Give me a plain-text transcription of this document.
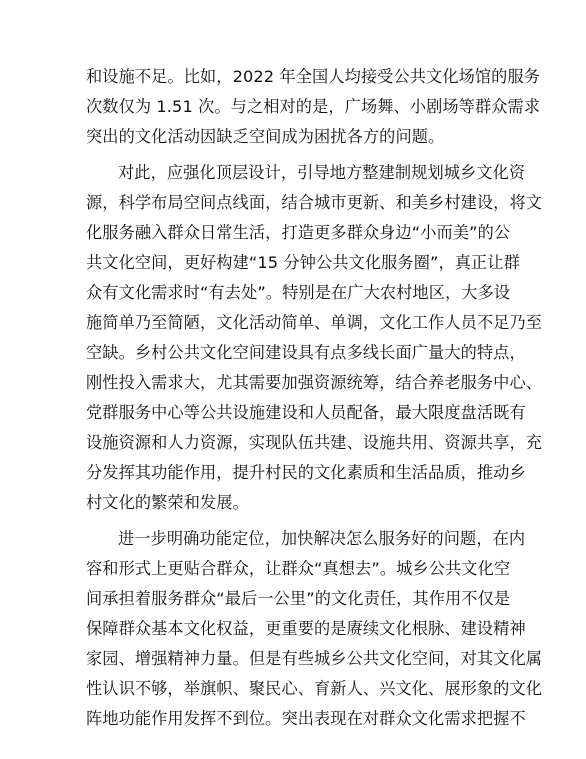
和设施不足。比如，2022 年全国人均接受公共文化场馆的服务
次数仅为 1.51 次。与之相对的是，广场舞、小剧场等群众需求
突出的文化活动因缺乏空间成为困扰各方的问题。
对此，应强化顶层设计，引导地方整建制规划城乡文化资
源，科学布局空间点线面，结合城市更新、和美乡村建设，将文
化服务融入群众日常生活，打造更多群众身边“小而美”的公
共文化空间，更好构建“15 分钟公共文化服务圈”，真正让群
众有文化需求时“有去处”。特别是在广大农村地区，大多设
施简单乃至简陋，文化活动简单、单调，文化工作人员不足乃至
空缺。乡村公共文化空间建设具有点多线长面广量大的特点，
刚性投入需求大，尤其需要加强资源统筹，结合养老服务中心、
党群服务中心等公共设施建设和人员配备，最大限度盘活既有
设施资源和人力资源，实现队伍共建、设施共用、资源共享，充
分发挥其功能作用，提升村民的文化素质和生活品质，推动乡
村文化的繁荣和发展。
进一步明确功能定位，加快解决怎么服务好的问题，在内
容和形式上更贴合群众，让群众“真想去”。城乡公共文化空
间承担着服务群众“最后一公里”的文化责任，其作用不仅是
保障群众基本文化权益，更重要的是赓续文化根脉、建设精神
家园、增强精神力量。但是有些城乡公共文化空间，对其文化属
性认识不够，举旗帜、聚民心、育新人、兴文化、展形象的文化
阵地功能作用发挥不到位。突出表现在对群众文化需求把握不
